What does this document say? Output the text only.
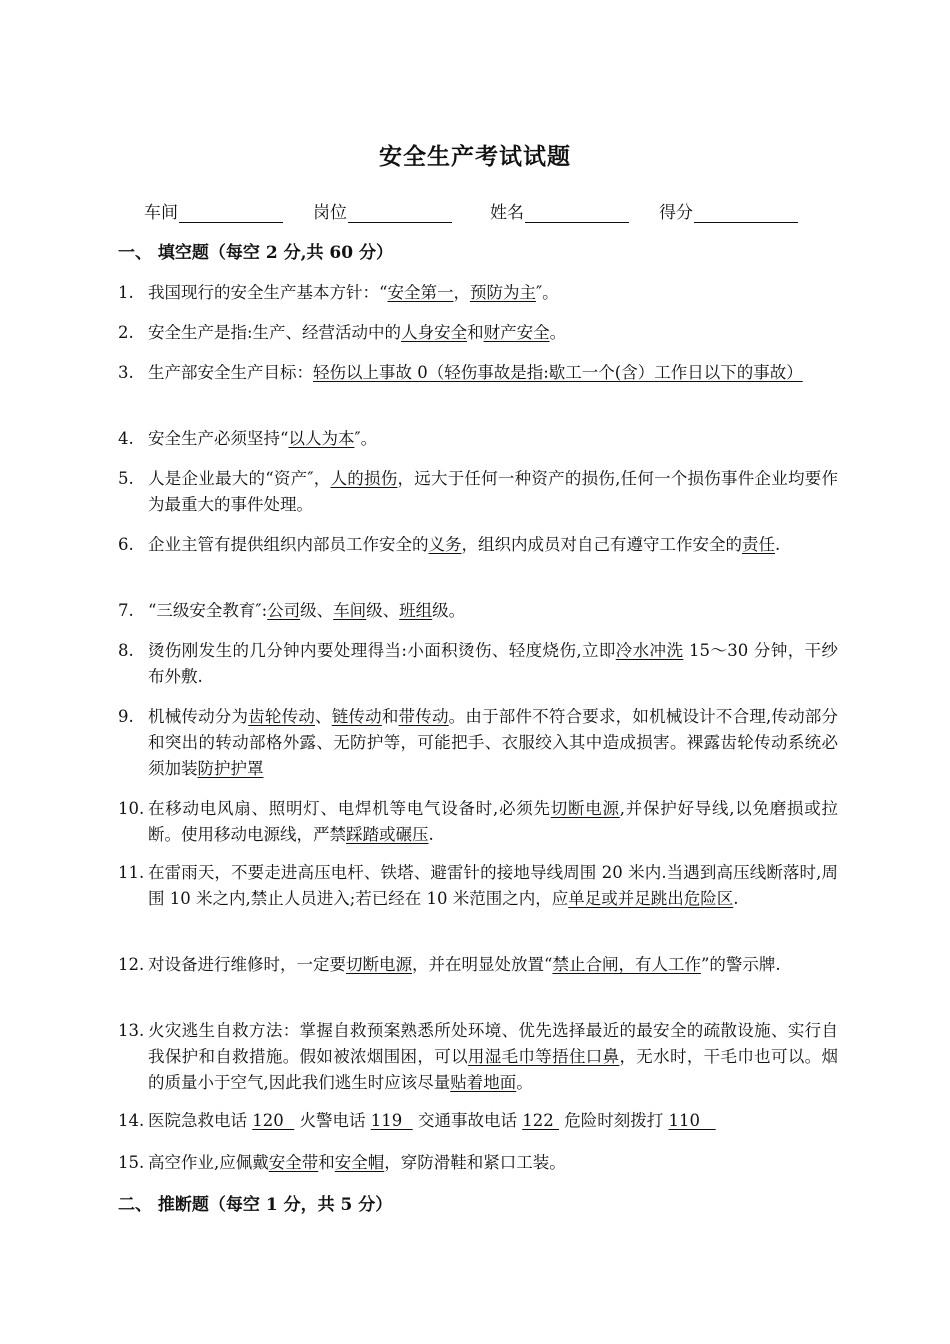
安全生产考试试题
车间	岗位	姓名	得分
一、 填空题（每空 2 分,共 60 分）
1. 我国现行的安全生产基本方针：“安全第一，预防为主″。
2. 安全生产是指:生产、经营活动中的人身安全和财产安全。
3. 生产部安全生产目标：轻伤以上事故 0（轻伤事故是指:歇工一个(含）工作日以下的事故）
4. 安全生产必须坚持“以人为本″。
5. 人是企业最大的“资产″，人的损伤，远大于任何一种资产的损伤,任何一个损伤事件企业均要作为最重大的事件处理。
6. 企业主管有提供组织内部员工作安全的义务，组织内成员对自己有遵守工作安全的责任.
7. “三级安全教育″:公司级、车间级、班组级。
8. 烫伤刚发生的几分钟内要处理得当:小面积烫伤、轻度烧伤,立即冷水冲洗 15～30 分钟，干纱布外敷.
9. 机械传动分为齿轮传动、链传动和带传动。由于部件不符合要求，如机械设计不合理,传动部分和突出的转动部格外露、无防护等，可能把手、衣服绞入其中造成损害。裸露齿轮传动系统必须加装防护护罩
10. 在移动电风扇、照明灯、电焊机等电气设备时,必须先切断电源,并保护好导线,以免磨损或拉断。使用移动电源线，严禁踩踏或碾压.
11. 在雷雨天，不要走进高压电杆、铁塔、避雷针的接地导线周围 20 米内.当遇到高压线断落时,周围 10 米之内,禁止人员进入;若已经在 10 米范围之内，应单足或并足跳出危险区.
12. 对设备进行维修时，一定要切断电源，并在明显处放置“禁止合闸，有人工作”的警示牌.
13. 火灾逃生自救方法：掌握自救预案熟悉所处环境、优先选择最近的最安全的疏散设施、实行自我保护和自救措施。假如被浓烟围困，可以用湿毛巾等捂住口鼻，无水时，干毛巾也可以。烟的质量小于空气,因此我们逃生时应该尽量贴着地面。
14. 医院急救电话 120   火警电话 119   交通事故电话 122  危险时刻拨打 110
15. 高空作业,应佩戴安全带和安全帽，穿防滑鞋和紧口工装。
二、 推断题（每空 1 分，共 5 分）
